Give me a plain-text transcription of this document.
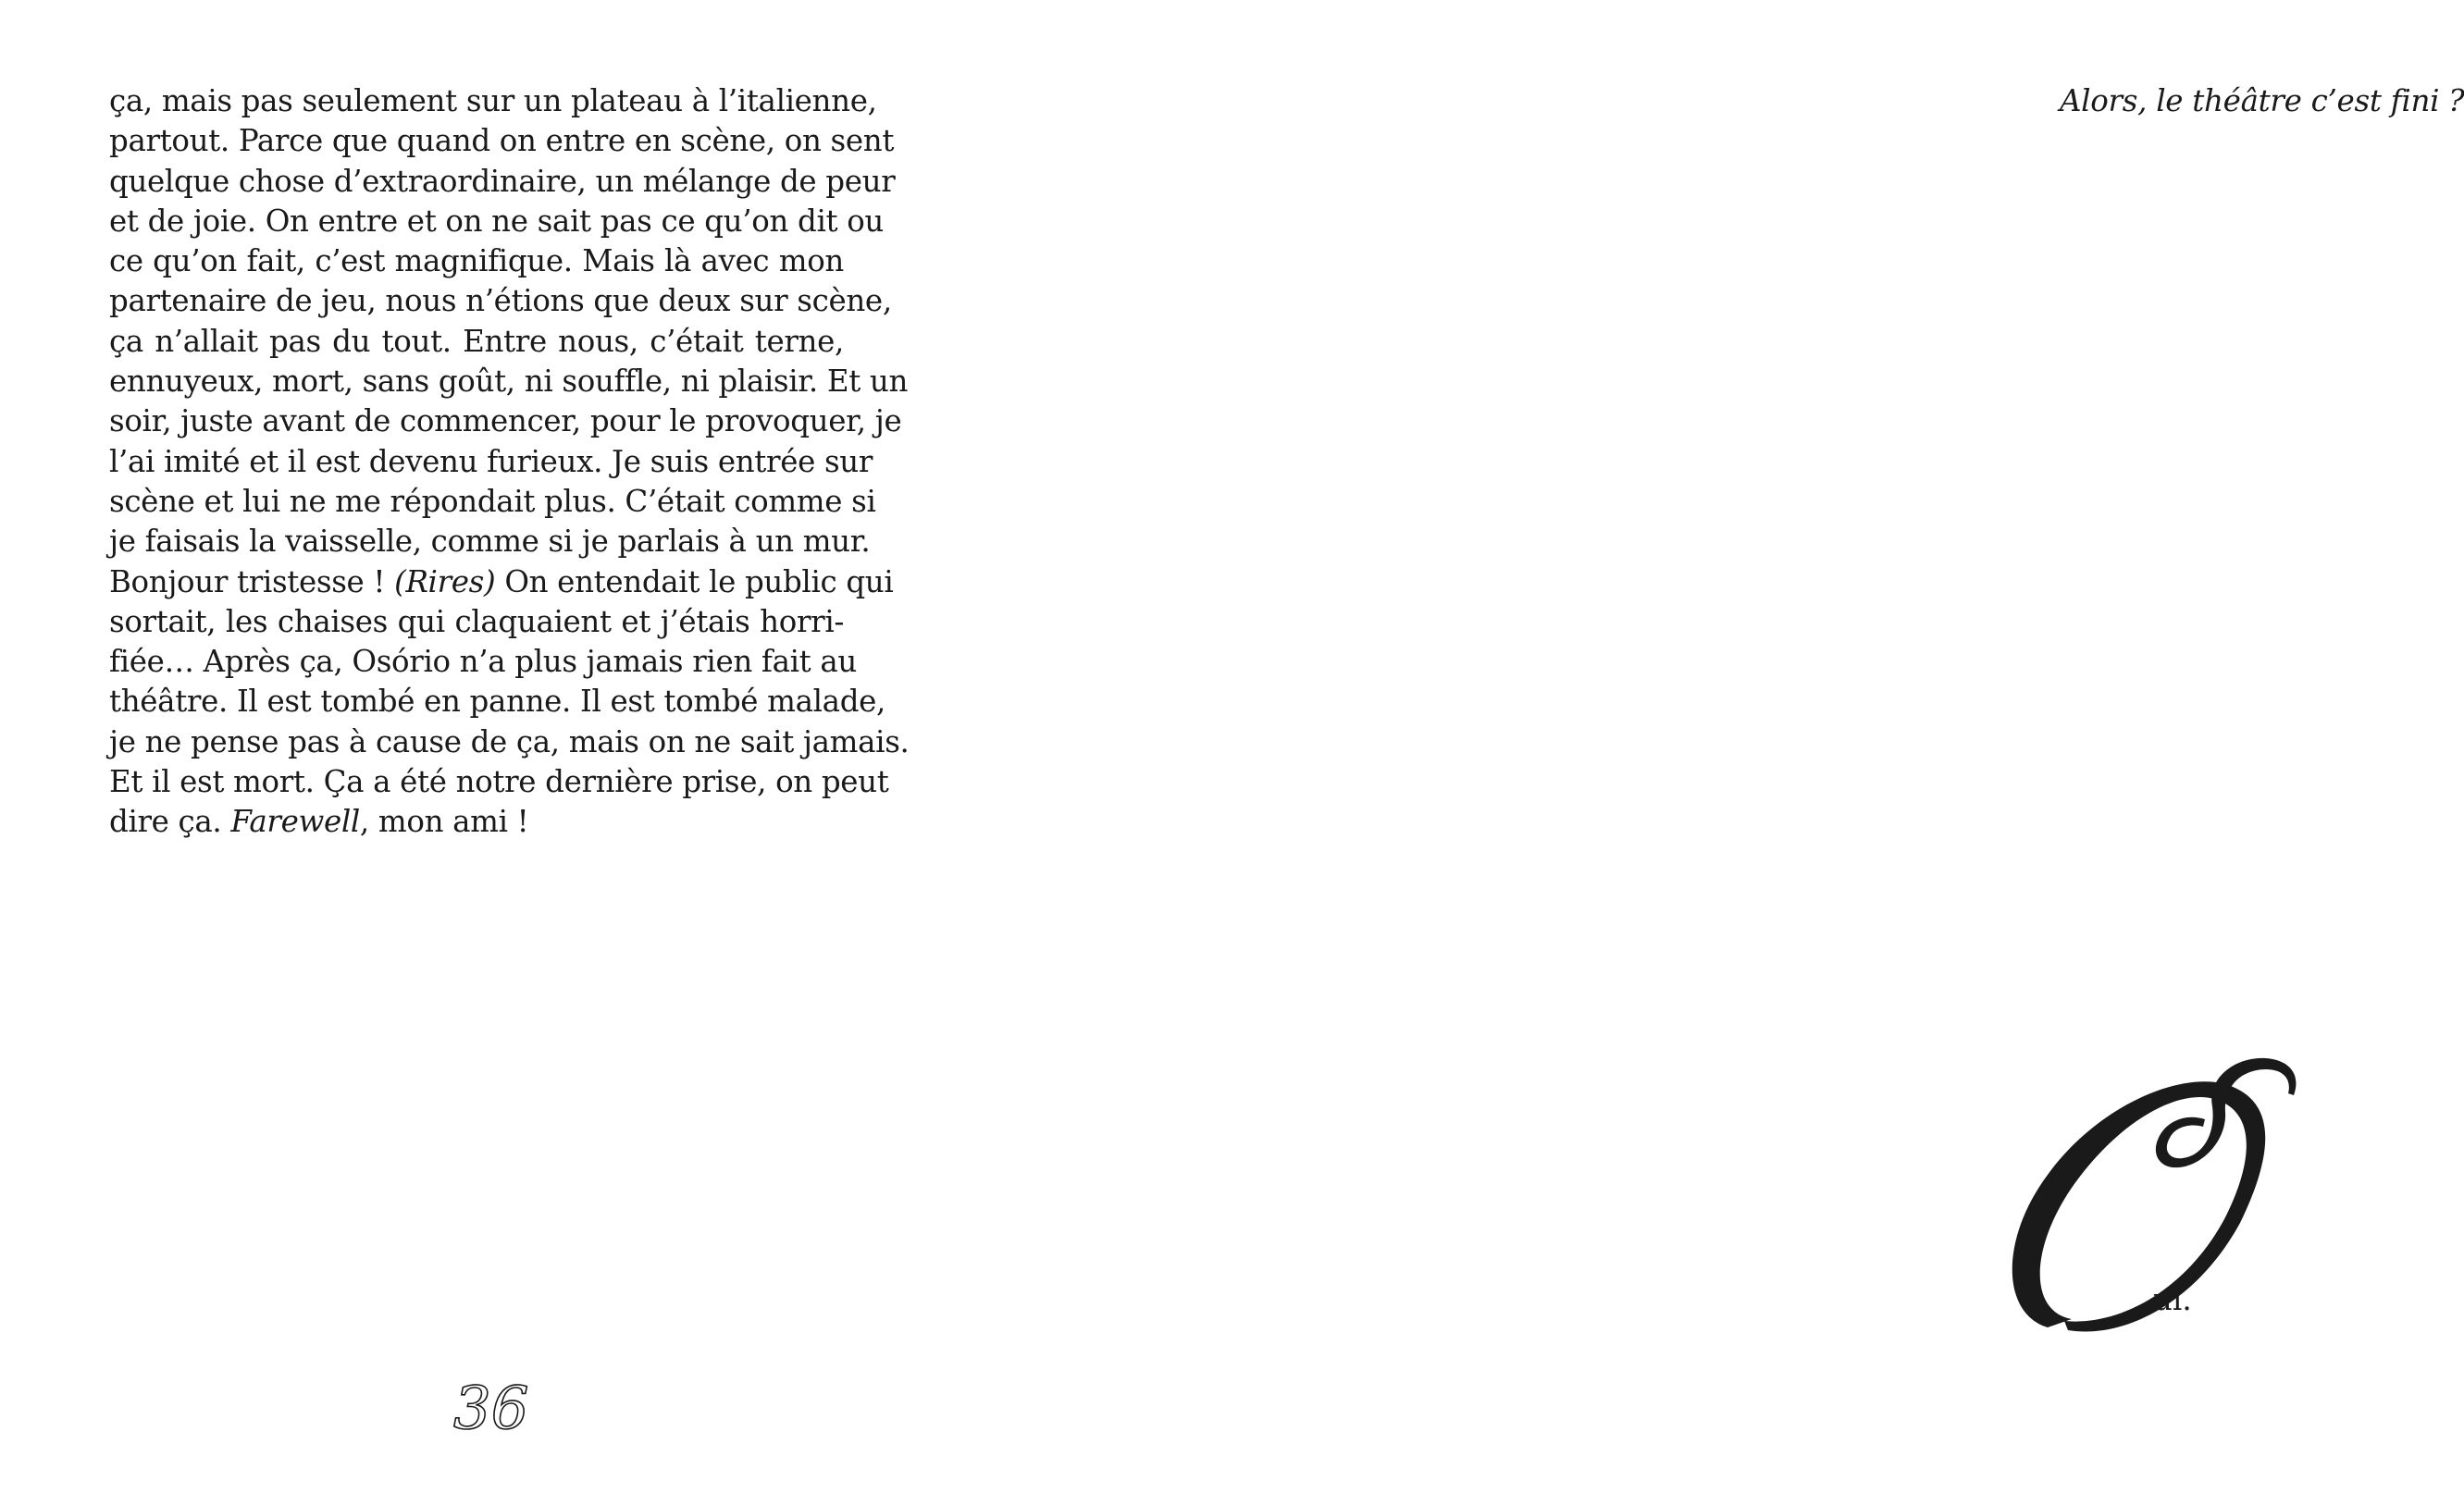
ça, mais pas seulement sur un plateau à l’italienne,
partout. Parce que quand on entre en scène, on sent
quelque chose d’extraordinaire, un mélange de peur
et de joie. On entre et on ne sait pas ce qu’on dit ou
ce qu’on fait, c’est magnifique. Mais là avec mon
partenaire de jeu, nous n’étions que deux sur scène,
ça n’allait pas du tout. Entre nous, c’était terne,
ennuyeux, mort, sans goût, ni souffle, ni plaisir. Et un
soir, juste avant de commencer, pour le provoquer, je
l’ai imité et il est devenu furieux. Je suis entrée sur
scène et lui ne me répondait plus. C’était comme si
je faisais la vaisselle, comme si je parlais à un mur.
Bonjour tristesse ! (Rires) On entendait le public qui
sortait, les chaises qui claquaient et j’étais horri-
fiée… Après ça, Osório n’a plus jamais rien fait au
théâtre. Il est tombé en panne. Il est tombé malade,
je ne pense pas à cause de ça, mais on ne sait jamais.
Et il est mort. Ça a été notre dernière prise, on peut
dire ça. Farewell, mon ami !
36

Alors, le théâtre c’est fini ?

ui.
